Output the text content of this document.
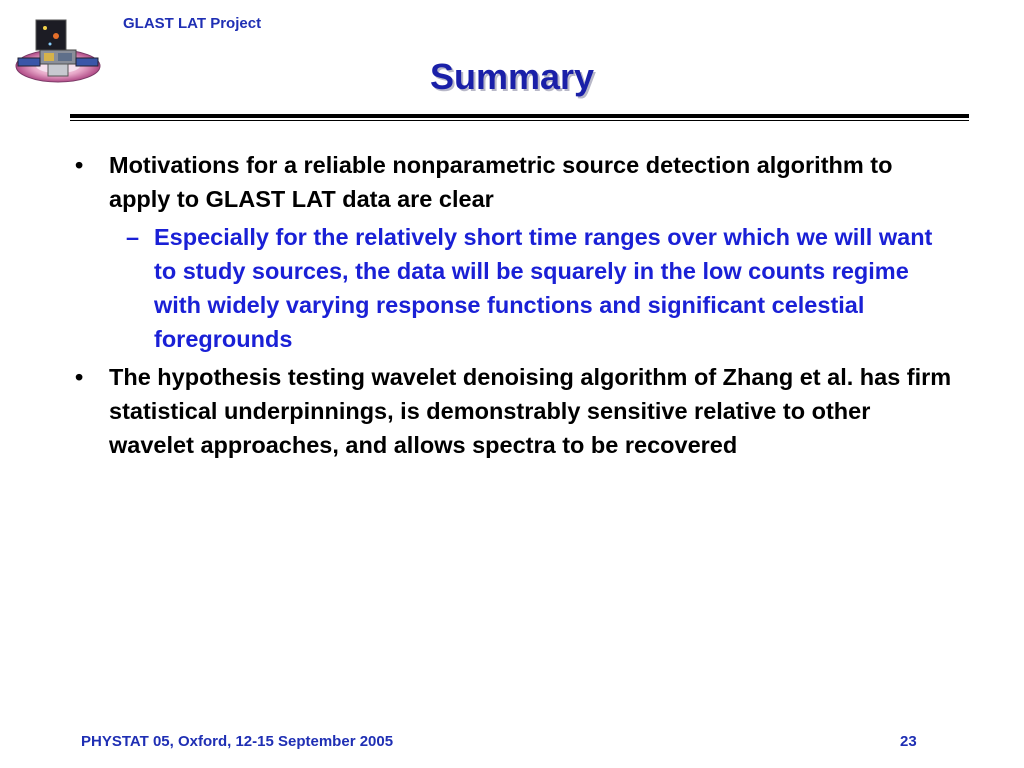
GLAST LAT Project
Summary
• Motivations for a reliable nonparametric source detection algorithm to apply to GLAST LAT data are clear
– Especially for the relatively short time ranges over which we will want to study sources, the data will be squarely in the low counts regime with widely varying response functions and significant celestial foregrounds
• The hypothesis testing wavelet denoising algorithm of Zhang et al. has firm statistical underpinnings, is demonstrably sensitive relative to other wavelet approaches, and allows spectra to be recovered
PHYSTAT 05, Oxford, 12-15 September 2005	23
